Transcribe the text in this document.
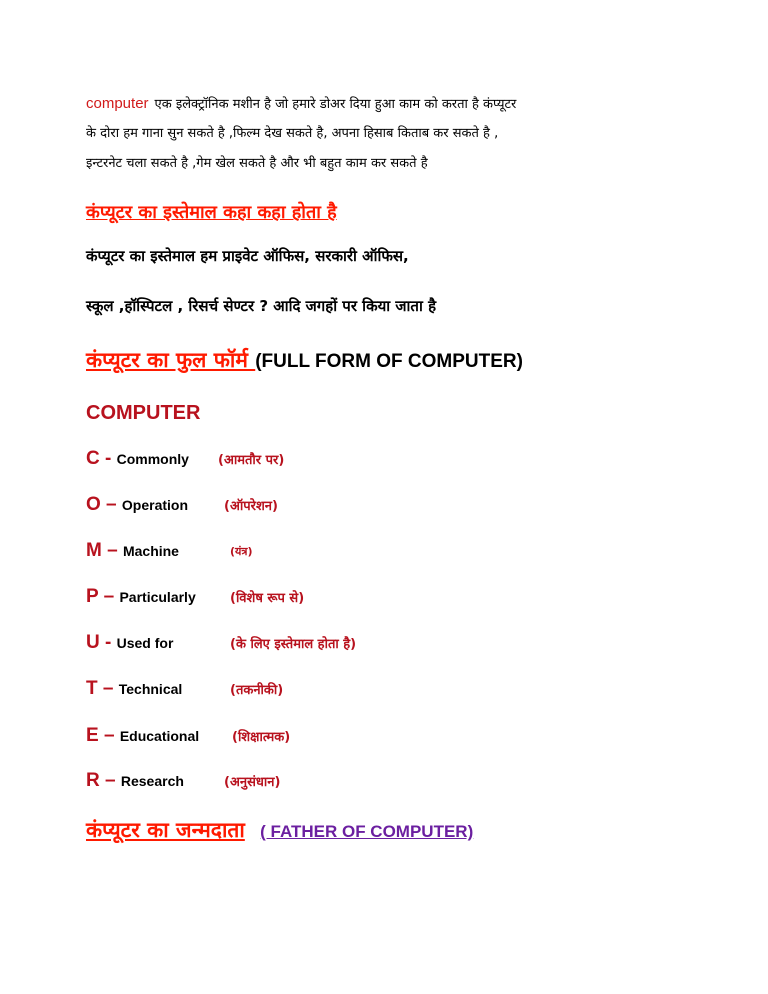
computer एक इलेक्ट्रॉनिक मशीन है जो हमारे डोअर दिया हुआ काम को करता है कंप्यूटर

के दोरा हम गाना सुन सकते है ,फिल्म देख सकते है, अपना हिसाब किताब कर सकते है ,

इन्टरनेट चला सकते है ,गेम खेल सकते है और भी बहुत काम कर सकते है

कंप्यूटर का इस्तेमाल कहा कहा होता है

कंप्यूटर का इस्तेमाल हम प्राइवेट ऑफिस, सरकारी ऑफिस,

स्कूल ,हॉस्पिटल , रिसर्च सेण्टर ? आदि जगहों पर किया जाता है

कंप्यूटर का फुल फॉर्म (FULL FORM OF COMPUTER)

COMPUTER

C - Commonly (आमतौर पर)
O – Operation	(ऑपरेशन)
M – Machine	(यंत्र)
P – Particularly	(विशेष रूप से)
U - Used for	(के लिए इस्तेमाल होता है)
T – Technical	(तकनीकी)
E – Educational	(शिक्षात्मक)
R – Research	(अनुसंधान)

कंप्यूटर का जन्मदाता ( FATHER OF COMPUTER)
